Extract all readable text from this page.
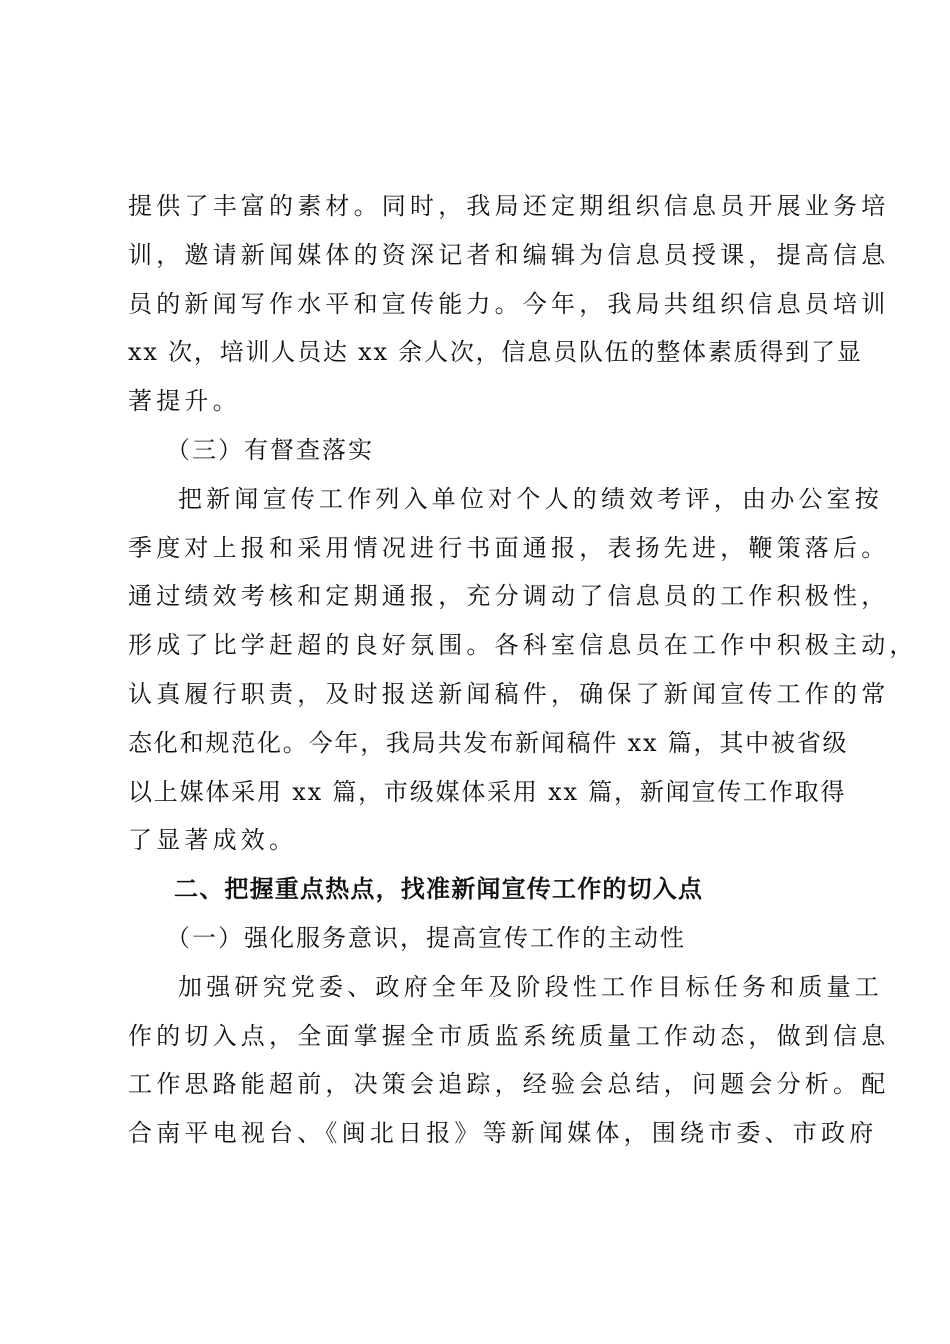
提供了丰富的素材。同时，我局还定期组织信息员开展业务培
训，邀请新闻媒体的资深记者和编辑为信息员授课，提高信息
员的新闻写作水平和宣传能力。今年，我局共组织信息员培训
xx 次，培训人员达 xx 余人次，信息员队伍的整体素质得到了显
著提升。
（三）有督查落实
把新闻宣传工作列入单位对个人的绩效考评，由办公室按
季度对上报和采用情况进行书面通报，表扬先进，鞭策落后。
通过绩效考核和定期通报，充分调动了信息员的工作积极性，
形成了比学赶超的良好氛围。各科室信息员在工作中积极主动，
认真履行职责，及时报送新闻稿件，确保了新闻宣传工作的常
态化和规范化。今年，我局共发布新闻稿件 xx 篇，其中被省级
以上媒体采用 xx 篇，市级媒体采用 xx 篇，新闻宣传工作取得
了显著成效。
二、把握重点热点，找准新闻宣传工作的切入点
（一）强化服务意识，提高宣传工作的主动性
加强研究党委、政府全年及阶段性工作目标任务和质量工
作的切入点，全面掌握全市质监系统质量工作动态，做到信息
工作思路能超前，决策会追踪，经验会总结，问题会分析。配
合南平电视台、《闽北日报》等新闻媒体，围绕市委、市政府
